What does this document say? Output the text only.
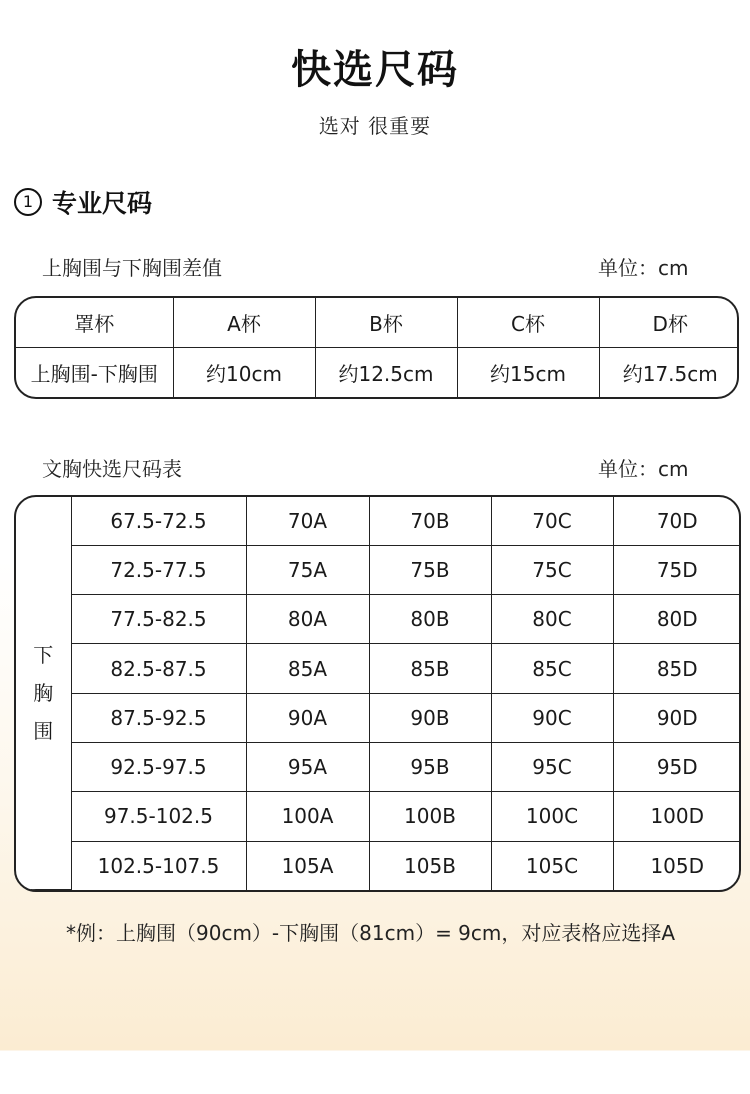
快选尺码
选对 很重要
1 专业尺码
上胸围与下胸围差值	单位：cm
罩杯	A杯	B杯	C杯	D杯
上胸围-下胸围	约10cm	约12.5cm	约15cm	约17.5cm
文胸快选尺码表	单位：cm
下
胸
围	67.5-72.5	70A	70B	70C	70D
	72.5-77.5	75A	75B	75C	75D
	77.5-82.5	80A	80B	80C	80D
	82.5-87.5	85A	85B	85C	85D
	87.5-92.5	90A	90B	90C	90D
	92.5-97.5	95A	95B	95C	95D
	97.5-102.5	100A	100B	100C	100D
	102.5-107.5	105A	105B	105C	105D
*例：上胸围（90cm）-下胸围（81cm）= 9cm，对应表格应选择A
